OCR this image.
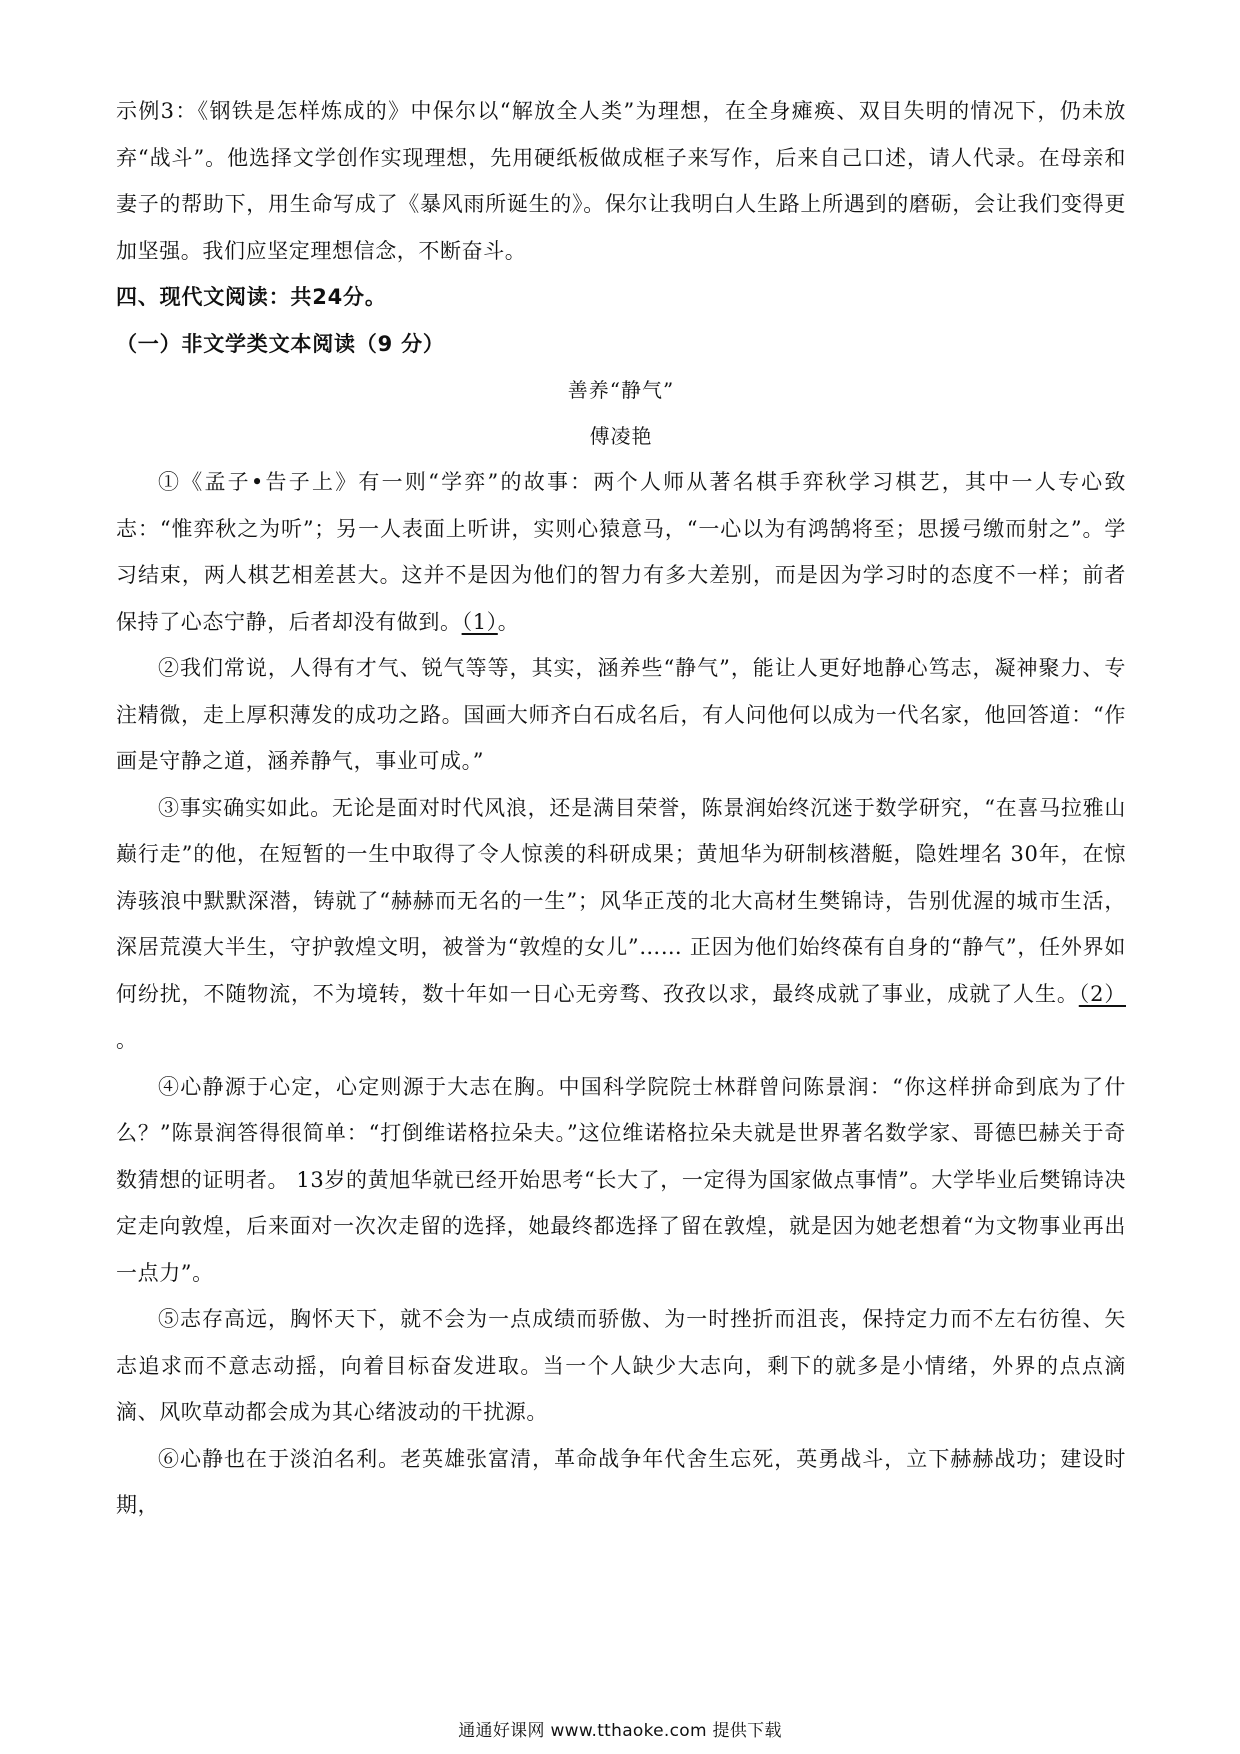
示例3：《钢铁是怎样炼成的》中保尔以“解放全人类”为理想，在全身瘫痪、双目失明的情况下，仍未放弃“战斗”。他选择文学创作实现理想，先用硬纸板做成框子来写作，后来自己口述，请人代录。在母亲和妻子的帮助下，用生命写成了《暴风雨所诞生的》。保尔让我明白人生路上所遇到的磨砺，会让我们变得更加坚强。我们应坚定理想信念，不断奋斗。

四、现代文阅读：共24分。
（一）非文学类文本阅读（9 分）

善养“静气”

傅凌艳

①《孟子•告子上》有一则“学弈”的故事：两个人师从著名棋手弈秋学习棋艺，其中一人专心致志：“惟弈秋之为听”；另一人表面上听讲，实则心猿意马，“一心以为有鸿鹄将至；思援弓缴而射之”。学习结束，两人棋艺相差甚大。这并不是因为他们的智力有多大差别，而是因为学习时的态度不一样；前者保持了心态宁静，后者却没有做到。（1）。

②我们常说，人得有才气、锐气等等，其实，涵养些“静气”，能让人更好地静心笃志，凝神聚力、专注精微，走上厚积薄发的成功之路。国画大师齐白石成名后，有人问他何以成为一代名家，他回答道：“作画是守静之道，涵养静气，事业可成。”

③事实确实如此。无论是面对时代风浪，还是满目荣誉，陈景润始终沉迷于数学研究，“在喜马拉雅山巅行走”的他，在短暂的一生中取得了令人惊羡的科研成果；黄旭华为研制核潜艇，隐姓埋名 30年，在惊涛骇浪中默默深潜，铸就了“赫赫而无名的一生”；风华正茂的北大高材生樊锦诗，告别优渥的城市生活，深居荒漠大半生，守护敦煌文明，被誉为“敦煌的女儿”…… 正因为他们始终葆有自身的“静气”，任外界如何纷扰，不随物流，不为境转，数十年如一日心无旁骛、孜孜以求，最终成就了事业，成就了人生。（2） 。

④心静源于心定，心定则源于大志在胸。中国科学院院士林群曾问陈景润：“你这样拼命到底为了什么？”陈景润答得很简单：“打倒维诺格拉朵夫。”这位维诺格拉朵夫就是世界著名数学家、哥德巴赫关于奇数猜想的证明者。 13岁的黄旭华就已经开始思考“长大了，一定得为国家做点事情”。大学毕业后樊锦诗决定走向敦煌，后来面对一次次走留的选择，她最终都选择了留在敦煌，就是因为她老想着“为文物事业再出一点力”。

⑤志存高远，胸怀天下，就不会为一点成绩而骄傲、为一时挫折而沮丧，保持定力而不左右彷徨、矢志追求而不意志动摇，向着目标奋发进取。当一个人缺少大志向，剩下的就多是小情绪，外界的点点滴滴、风吹草动都会成为其心绪波动的干扰源。

⑥心静也在于淡泊名利。老英雄张富清，革命战争年代舍生忘死，英勇战斗，立下赫赫战功；建设时期，

通通好课网 www.tthaoke.com 提供下载
